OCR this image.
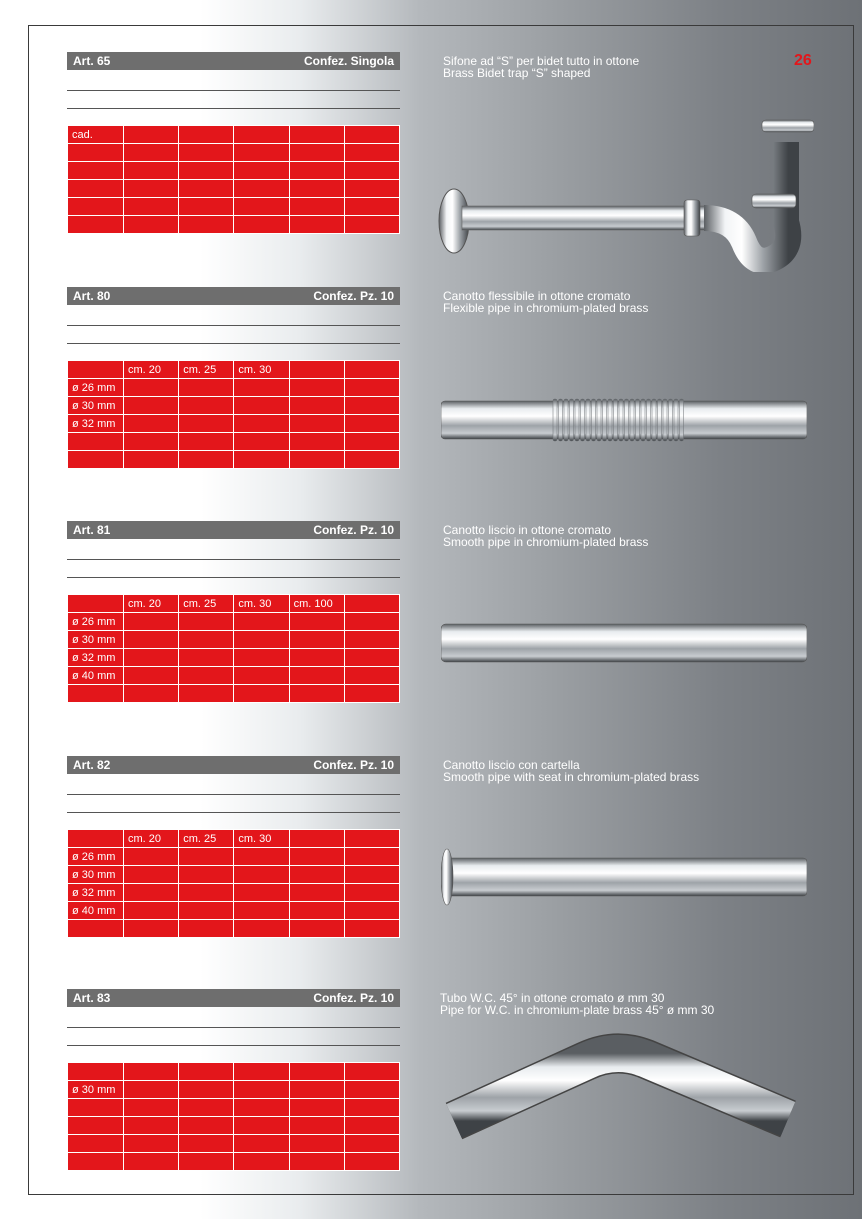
26
Art. 65	Confez. Singola
cad.					

Sifone ad “S” per bidet tutto in ottone
Brass Bidet trap “S” shaped
Art. 80	Confez. Pz. 10
	cm. 20	cm. 25	cm. 30		
ø 26 mm					
ø 30 mm					
ø 32 mm					

Canotto flessibile in ottone cromato
Flexible pipe in chromium-plated brass
Art. 81	Confez. Pz. 10
	cm. 20	cm. 25	cm. 30	cm. 100	
ø 26 mm					
ø 30 mm					
ø 32 mm					
ø 40 mm					

Canotto liscio in ottone cromato
Smooth pipe in chromium-plated brass
Art. 82	Confez. Pz. 10
	cm. 20	cm. 25	cm. 30		
ø 26 mm					
ø 30 mm					
ø 32 mm					
ø 40 mm					

Canotto liscio con cartella
Smooth pipe with seat in chromium-plated brass
Art. 83	Confez. Pz. 10

ø 30 mm					

Tubo W.C. 45° in ottone cromato ø mm 30
Pipe for W.C. in chromium-plate brass 45° ø mm 30
